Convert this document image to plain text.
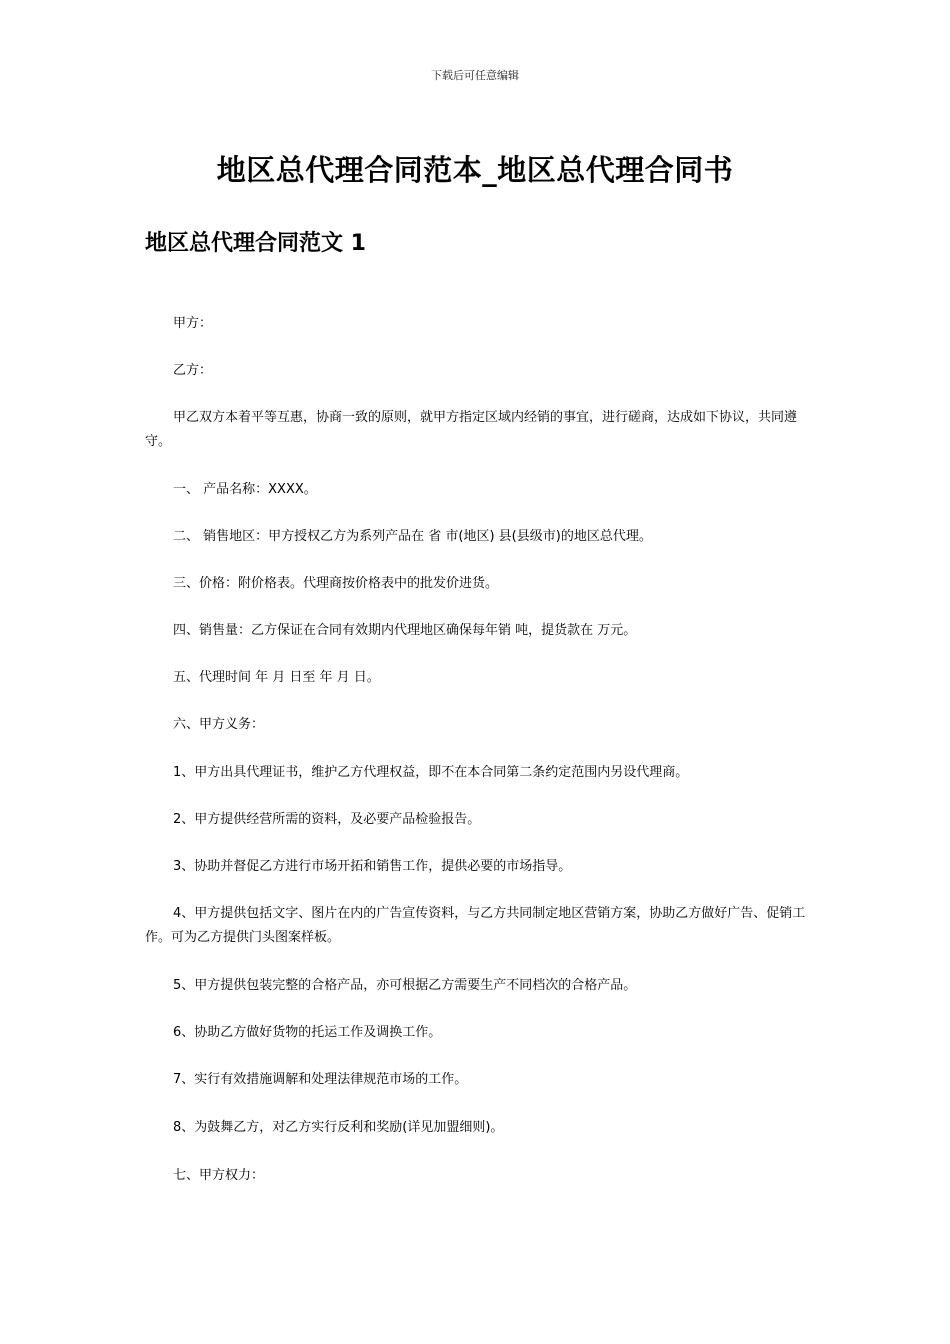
下载后可任意编辑
地区总代理合同范本_地区总代理合同书
地区总代理合同范文 1

甲方：

乙方：

甲乙双方本着平等互惠，协商一致的原则，就甲方指定区域内经销的事宜，进行磋商，达成如下协议，共同遵守。

一、 产品名称：XXXX。

二、 销售地区：甲方授权乙方为系列产品在 省 市(地区) 县(县级市)的地区总代理。

三、价格：附价格表。代理商按价格表中的批发价进货。

四、销售量：乙方保证在合同有效期内代理地区确保每年销 吨，提货款在 万元。

五、代理时间 年 月 日至 年 月 日。

六、甲方义务：

1、甲方出具代理证书，维护乙方代理权益，即不在本合同第二条约定范围内另设代理商。

2、甲方提供经营所需的资料，及必要产品检验报告。

3、协助并督促乙方进行市场开拓和销售工作，提供必要的市场指导。

4、甲方提供包括文字、图片在内的广告宣传资料，与乙方共同制定地区营销方案，协助乙方做好广告、促销工作。可为乙方提供门头图案样板。

5、甲方提供包装完整的合格产品，亦可根据乙方需要生产不同档次的合格产品。

6、协助乙方做好货物的托运工作及调换工作。

7、实行有效措施调解和处理法律规范市场的工作。

8、为鼓舞乙方，对乙方实行反利和奖励(详见加盟细则)。

七、甲方权力：
